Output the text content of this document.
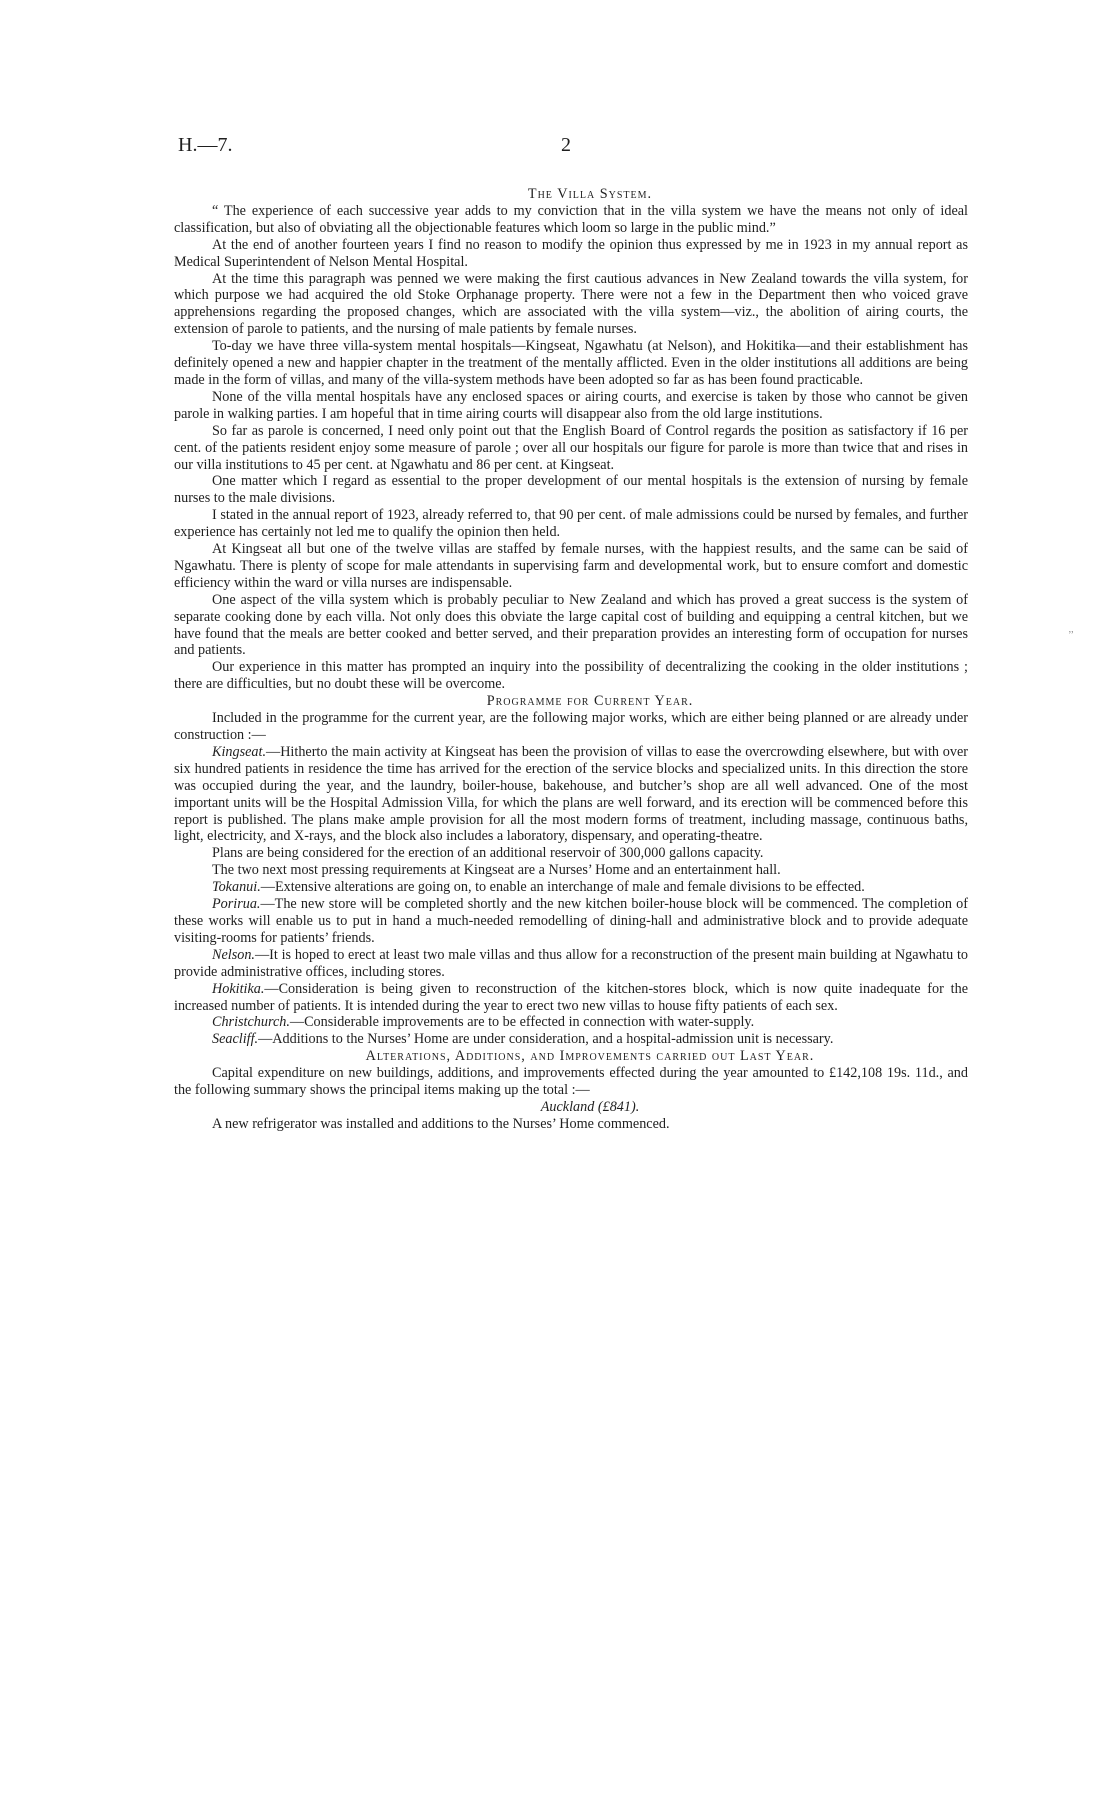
H.—7.	2

The Villa System.

“ The experience of each successive year adds to my conviction that in the villa system we have the means not only of ideal classification, but also of obviating all the objectionable features which loom so large in the public mind.”

At the end of another fourteen years I find no reason to modify the opinion thus expressed by me in 1923 in my annual report as Medical Superintendent of Nelson Mental Hospital.

At the time this paragraph was penned we were making the first cautious advances in New Zealand towards the villa system, for which purpose we had acquired the old Stoke Orphanage property. There were not a few in the Department then who voiced grave apprehensions regarding the proposed changes, which are associated with the villa system—viz., the abolition of airing courts, the extension of parole to patients, and the nursing of male patients by female nurses.

To-day we have three villa-system mental hospitals—Kingseat, Ngawhatu (at Nelson), and Hokitika—and their establishment has definitely opened a new and happier chapter in the treatment of the mentally afflicted. Even in the older institutions all additions are being made in the form of villas, and many of the villa-system methods have been adopted so far as has been found practicable.

None of the villa mental hospitals have any enclosed spaces or airing courts, and exercise is taken by those who cannot be given parole in walking parties. I am hopeful that in time airing courts will disappear also from the old large institutions.

So far as parole is concerned, I need only point out that the English Board of Control regards the position as satisfactory if 16 per cent. of the patients resident enjoy some measure of parole ; over all our hospitals our figure for parole is more than twice that and rises in our villa institutions to 45 per cent. at Ngawhatu and 86 per cent. at Kingseat.

One matter which I regard as essential to the proper development of our mental hospitals is the extension of nursing by female nurses to the male divisions.

I stated in the annual report of 1923, already referred to, that 90 per cent. of male admissions could be nursed by females, and further experience has certainly not led me to qualify the opinion then held.

At Kingseat all but one of the twelve villas are staffed by female nurses, with the happiest results, and the same can be said of Ngawhatu. There is plenty of scope for male attendants in supervising farm and developmental work, but to ensure comfort and domestic efficiency within the ward or villa nurses are indispensable.

One aspect of the villa system which is probably peculiar to New Zealand and which has proved a great success is the system of separate cooking done by each villa. Not only does this obviate the large capital cost of building and equipping a central kitchen, but we have found that the meals are better cooked and better served, and their preparation provides an interesting form of occupation for nurses and patients.

Our experience in this matter has prompted an inquiry into the possibility of decentralizing the cooking in the older institutions ; there are difficulties, but no doubt these will be overcome.

Programme for Current Year.

Included in the programme for the current year, are the following major works, which are either being planned or are already under construction :—

Kingseat.—Hitherto the main activity at Kingseat has been the provision of villas to ease the overcrowding elsewhere, but with over six hundred patients in residence the time has arrived for the erection of the service blocks and specialized units. In this direction the store was occupied during the year, and the laundry, boiler-house, bakehouse, and butcher’s shop are all well advanced. One of the most important units will be the Hospital Admission Villa, for which the plans are well forward, and its erection will be commenced before this report is published. The plans make ample provision for all the most modern forms of treatment, including massage, continuous baths, light, electricity, and X-rays, and the block also includes a laboratory, dispensary, and operating-theatre.

Plans are being considered for the erection of an additional reservoir of 300,000 gallons capacity.

The two next most pressing requirements at Kingseat are a Nurses’ Home and an entertainment hall.

Tokanui.—Extensive alterations are going on, to enable an interchange of male and female divisions to be effected.

Porirua.—The new store will be completed shortly and the new kitchen boiler-house block will be commenced. The completion of these works will enable us to put in hand a much-needed remodelling of dining-hall and administrative block and to provide adequate visiting-rooms for patients’ friends.

Nelson.—It is hoped to erect at least two male villas and thus allow for a reconstruction of the present main building at Ngawhatu to provide administrative offices, including stores.

Hokitika.—Consideration is being given to reconstruction of the kitchen-stores block, which is now quite inadequate for the increased number of patients. It is intended during the year to erect two new villas to house fifty patients of each sex.

Christchurch.—Considerable improvements are to be effected in connection with water-supply.

Seacliff.—Additions to the Nurses’ Home are under consideration, and a hospital-admission unit is necessary.

Alterations, Additions, and Improvements carried out Last Year.

Capital expenditure on new buildings, additions, and improvements effected during the year amounted to £142,108 19s. 11d., and the following summary shows the principal items making up the total :—

Auckland (£841).

A new refrigerator was installed and additions to the Nurses’ Home commenced.

’’
